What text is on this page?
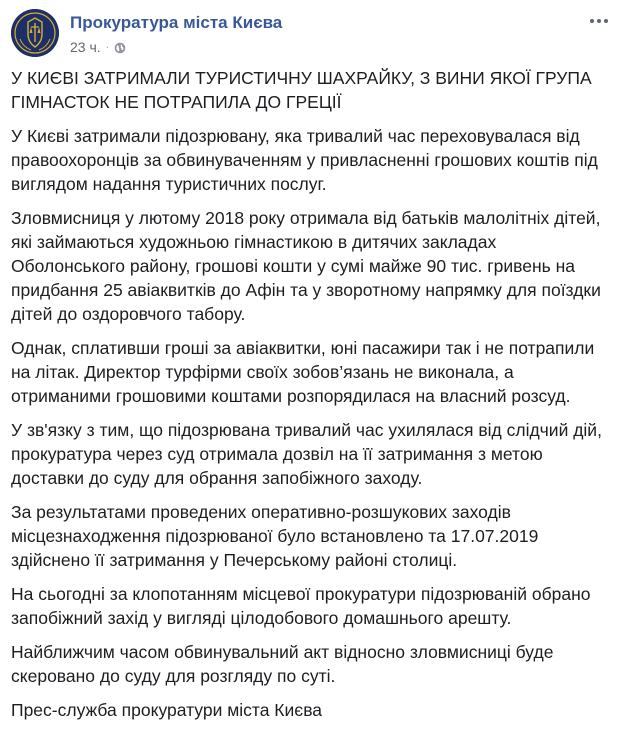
Прокуратура міста Києва
23 ч. ·

У КИЄВІ ЗАТРИМАЛИ ТУРИСТИЧНУ ШАХРАЙКУ, З ВИНИ ЯКОЇ ГРУПА ГІМНАСТОК НЕ ПОТРАПИЛА ДО ГРЕЦІЇ

У Києві затримали підозрювану, яка тривалий час переховувалася від правоохоронців за обвинуваченням у привласненні грошових коштів під виглядом надання туристичних послуг.

Зловмисниця у лютому 2018 року отримала від батьків малолітніх дітей, які займаються художньою гімнастикою в дитячих закладах Оболонського району, грошові кошти у сумі майже 90 тис. гривень на придбання 25 авіаквитків до Афін та у зворотному напрямку для поїздки дітей до оздоровчого табору.

Однак, сплативши гроші за авіаквитки, юні пасажири так і не потрапили на літак. Директор турфірми своїх зобов’язань не виконала, а отриманими грошовими коштами розпорядилася на власний розсуд.

У зв'язку з тим, що підозрювана тривалий час ухилялася від слідчий дій, прокуратура через суд отримала дозвіл на її затримання з метою доставки до суду для обрання запобіжного заходу.

За результатами проведених оперативно-розшукових заходів місцезнаходження підозрюваної було встановлено та 17.07.2019 здійснено її затримання у Печерському районі столиці.

На сьогодні за клопотанням місцевої прокуратури підозрюваній обрано запобіжний захід у вигляді цілодобового домашнього арешту.

Найближчим часом обвинувальний акт відносно зловмисниці буде скеровано до суду для розгляду по суті.

Прес-служба прокуратури міста Києва
